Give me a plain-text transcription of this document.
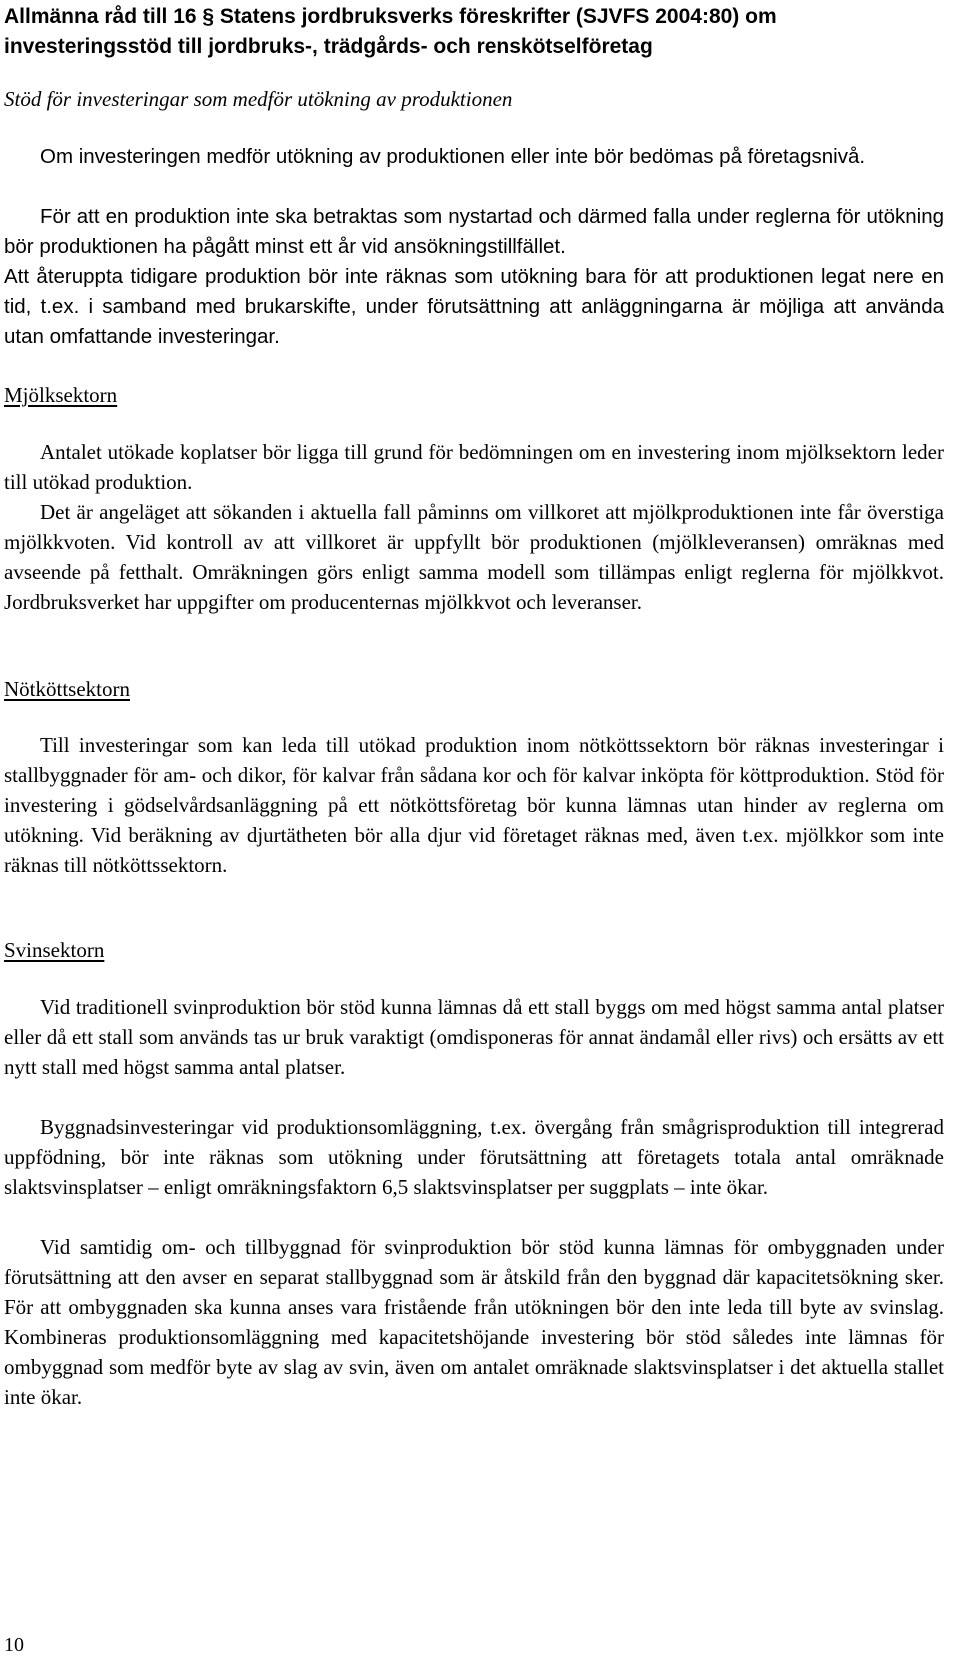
Allmänna råd till 16 § Statens jordbruksverks föreskrifter (SJVFS 2004:80) om investeringsstöd till jordbruks-, trädgårds- och renskötselföretag

Stöd för investeringar som medför utökning av produktionen

Om investeringen medför utökning av produktionen eller inte bör bedömas på företagsnivå.

För att en produktion inte ska betraktas som nystartad och därmed falla under reglerna för utökning bör produktionen ha pågått minst ett år vid ansökningstillfället.

Att återuppta tidigare produktion bör inte räknas som utökning bara för att produktionen legat nere en tid, t.ex. i samband med brukarskifte, under förutsättning att anläggningarna är möjliga att använda utan omfattande investeringar.

Mjölksektorn

Antalet utökade koplatser bör ligga till grund för bedömningen om en investering inom mjölksektorn leder till utökad produktion.

Det är angeläget att sökanden i aktuella fall påminns om villkoret att mjölkproduktionen inte får överstiga mjölkkvoten. Vid kontroll av att villkoret är uppfyllt bör produktionen (mjölkleveransen) omräknas med avseende på fetthalt. Omräkningen görs enligt samma modell som tillämpas enligt reglerna för mjölkkvot. Jordbruksverket har uppgifter om producenternas mjölkkvot och leveranser.

Nötköttsektorn

Till investeringar som kan leda till utökad produktion inom nötköttssektorn bör räknas investeringar i stallbyggnader för am- och dikor, för kalvar från sådana kor och för kalvar inköpta för köttproduktion. Stöd för investering i gödselvårdsanläggning på ett nötköttsföretag bör kunna lämnas utan hinder av reglerna om utökning. Vid beräkning av djurtätheten bör alla djur vid företaget räknas med, även t.ex. mjölkkor som inte räknas till nötköttssektorn.

Svinsektorn

Vid traditionell svinproduktion bör stöd kunna lämnas då ett stall byggs om med högst samma antal platser eller då ett stall som används tas ur bruk varaktigt (omdisponeras för annat ändamål eller rivs) och ersätts av ett nytt stall med högst samma antal platser.

Byggnadsinvesteringar vid produktionsomläggning, t.ex. övergång från smågrisproduktion till integrerad uppfödning, bör inte räknas som utökning under förutsättning att företagets totala antal omräknade slaktsvinsplatser – enligt omräkningsfaktorn 6,5 slaktsvinsplatser per suggplats – inte ökar.

Vid samtidig om- och tillbyggnad för svinproduktion bör stöd kunna lämnas för ombyggnaden under förutsättning att den avser en separat stallbyggnad som är åtskild från den byggnad där kapacitetsökning sker. För att ombyggnaden ska kunna anses vara fristående från utökningen bör den inte leda till byte av svinslag. Kombineras produktionsomläggning med kapacitetshöjande investering bör stöd således inte lämnas för ombyggnad som medför byte av slag av svin, även om antalet omräknade slaktsvinsplatser i det aktuella stallet inte ökar.

10
